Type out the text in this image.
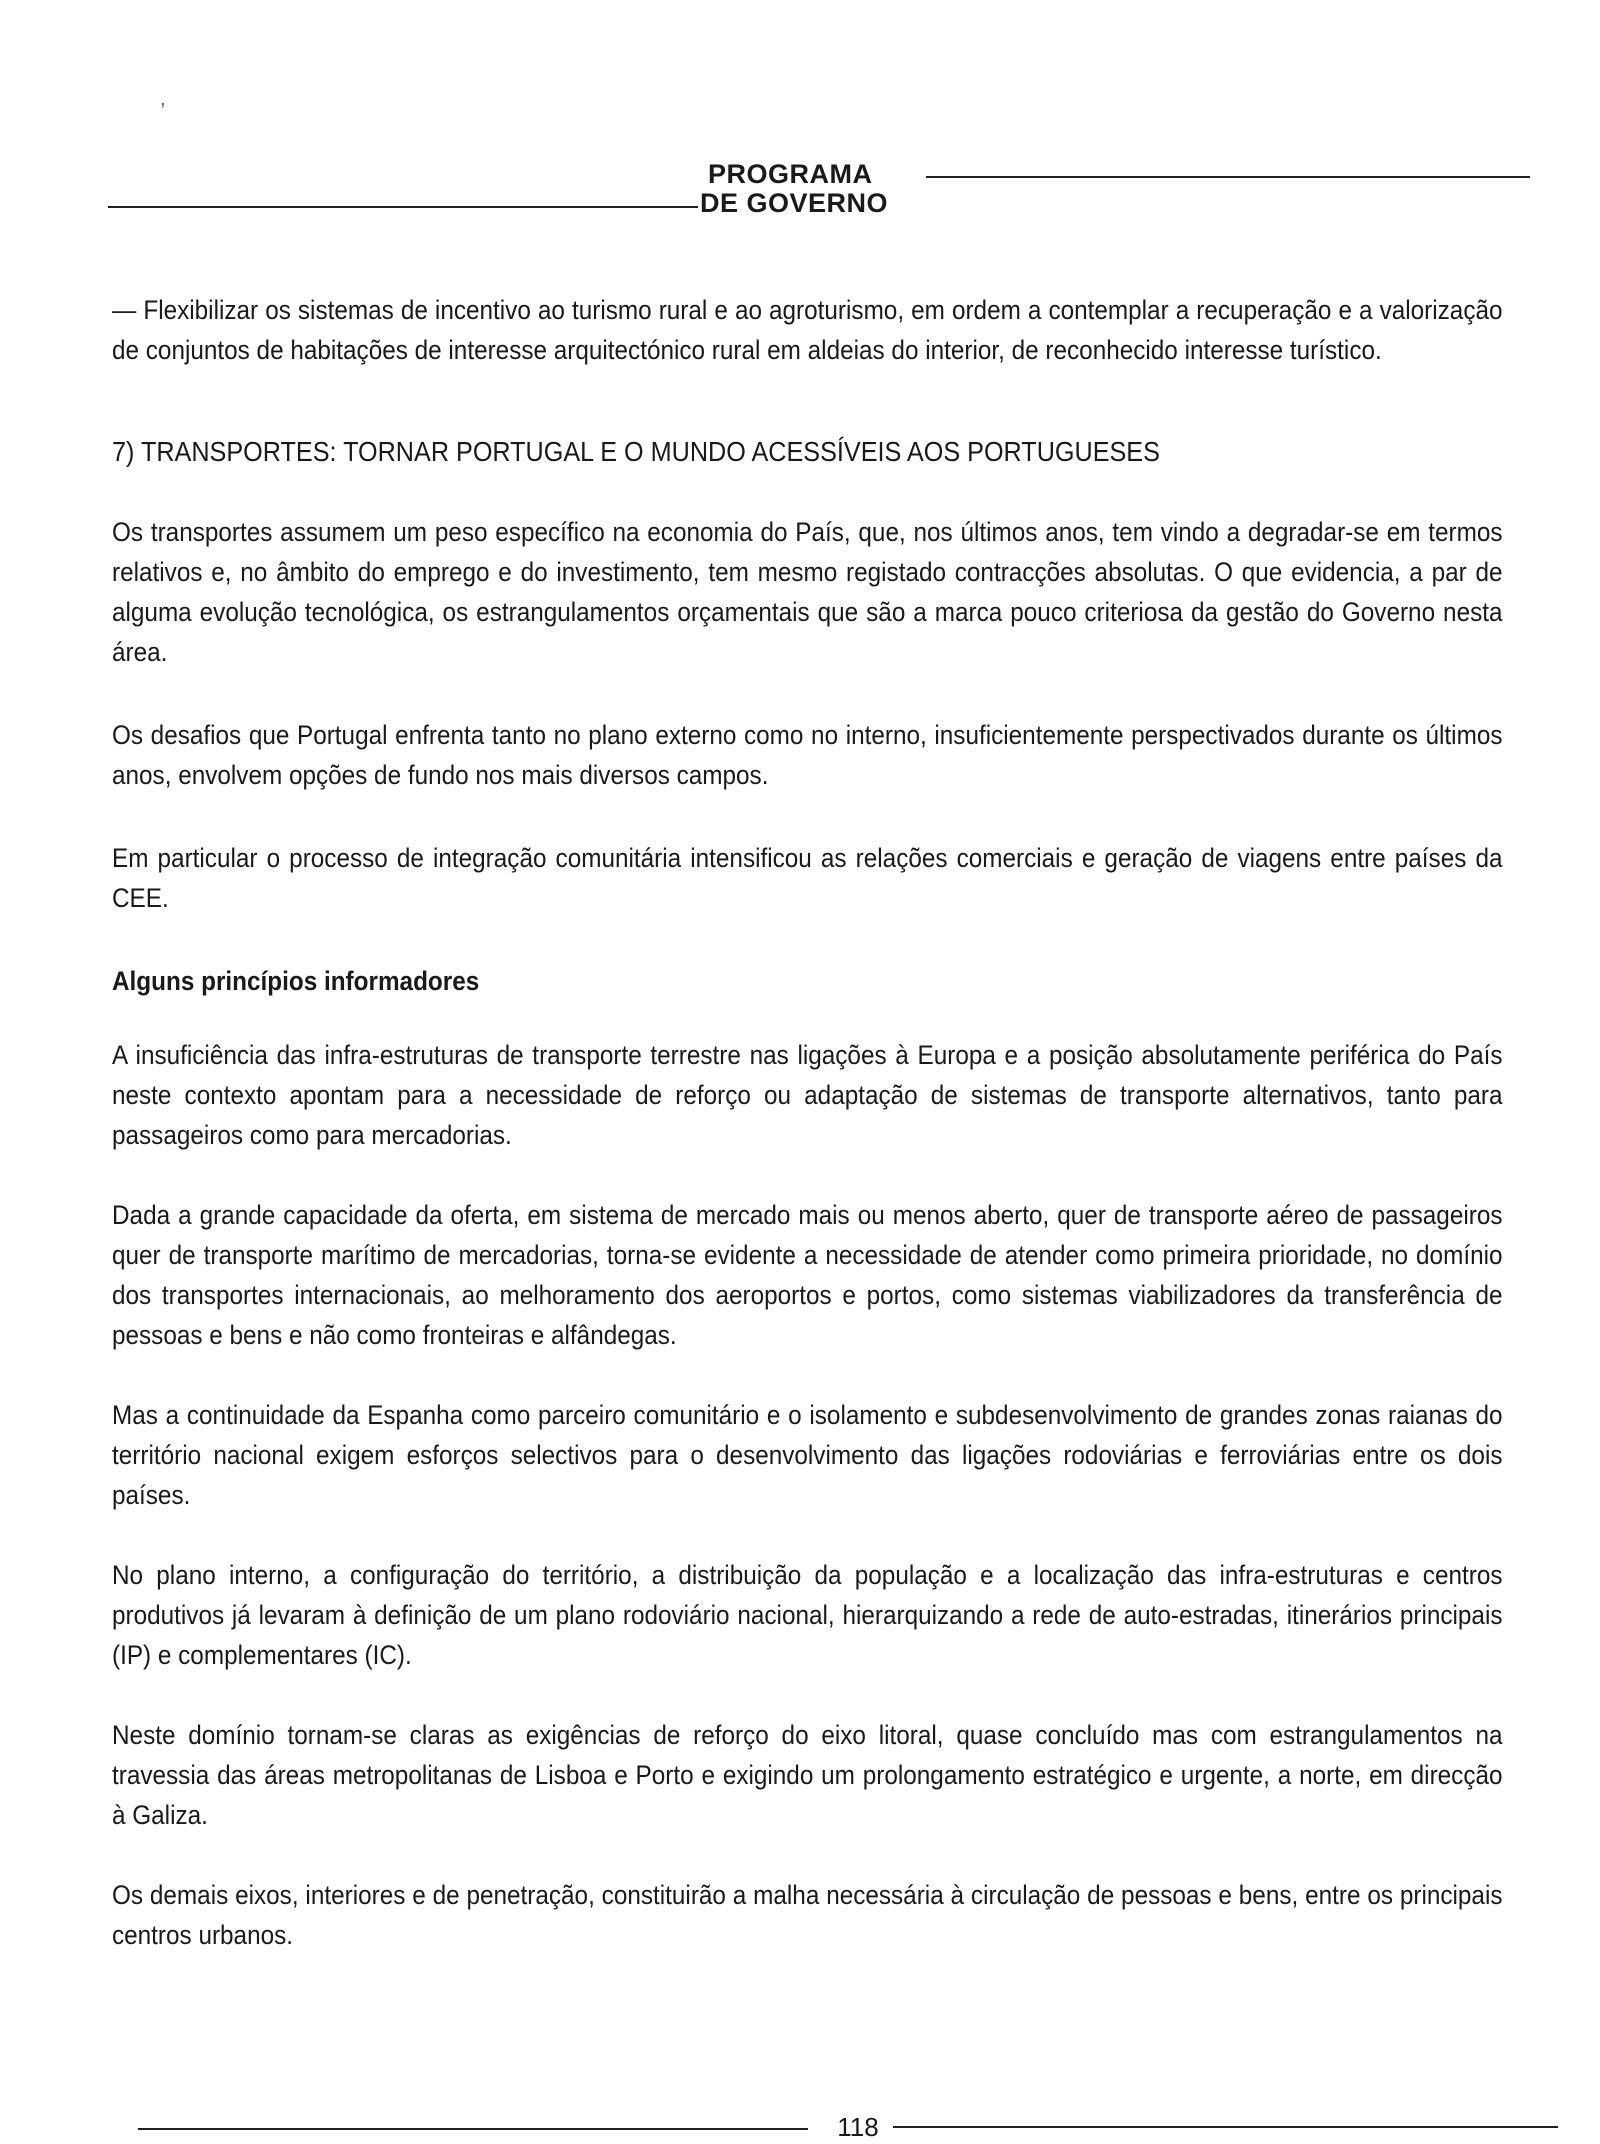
,
PROGRAMA
DE GOVERNO

— Flexibilizar os sistemas de incentivo ao turismo rural e ao agroturismo, em ordem a contemplar a recuperação e a valorização de conjuntos de habitações de interesse arquitectónico rural em aldeias do interior, de reconhecido interesse turístico.

7) TRANSPORTES: TORNAR PORTUGAL E O MUNDO ACESSÍVEIS AOS PORTUGUESES

Os transportes assumem um peso específico na economia do País, que, nos últimos anos, tem vindo a degradar-se em termos relativos e, no âmbito do emprego e do investimento, tem mesmo registado contracções absolutas. O que evidencia, a par de alguma evolução tecnológica, os estrangulamentos orçamentais que são a marca pouco criteriosa da gestão do Governo nesta área.

Os desafios que Portugal enfrenta tanto no plano externo como no interno, insuficientemente perspectivados durante os últimos anos, envolvem opções de fundo nos mais diversos campos.

Em particular o processo de integração comunitária intensificou as relações comerciais e geração de viagens entre países da CEE.

Alguns princípios informadores

A insuficiência das infra-estruturas de transporte terrestre nas ligações à Europa e a posição absolutamente periférica do País neste contexto apontam para a necessidade de reforço ou adaptação de sistemas de transporte alternativos, tanto para passageiros como para mercadorias.

Dada a grande capacidade da oferta, em sistema de mercado mais ou menos aberto, quer de transporte aéreo de passageiros quer de transporte marítimo de mercadorias, torna-se evidente a necessidade de atender como primeira prioridade, no domínio dos transportes internacionais, ao melhoramento dos aeroportos e portos, como sistemas viabilizadores da transferência de pessoas e bens e não como fronteiras e alfândegas.

Mas a continuidade da Espanha como parceiro comunitário e o isolamento e subdesenvolvimento de grandes zonas raianas do território nacional exigem esforços selectivos para o desenvolvimento das ligações rodoviárias e ferroviárias entre os dois países.

No plano interno, a configuração do território, a distribuição da população e a localização das infra-estruturas e centros produtivos já levaram à definição de um plano rodoviário nacional, hierarquizando a rede de auto-estradas, itinerários principais (IP) e complementares (IC).

Neste domínio tornam-se claras as exigências de reforço do eixo litoral, quase concluído mas com estrangulamentos na travessia das áreas metropolitanas de Lisboa e Porto e exigindo um prolongamento estratégico e urgente, a norte, em direcção à Galiza.

Os demais eixos, interiores e de penetração, constituirão a malha necessária à circulação de pessoas e bens, entre os principais centros urbanos.

118
